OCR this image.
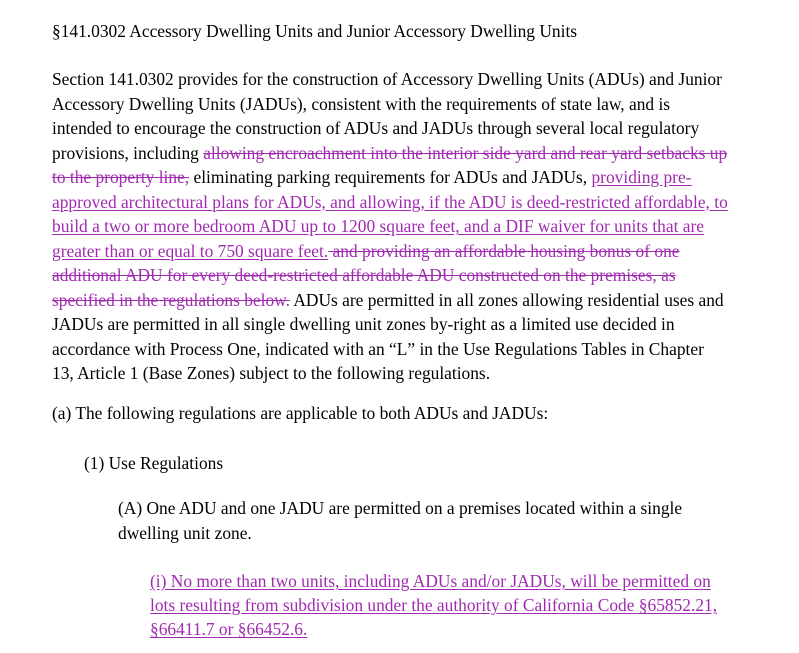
§141.0302 Accessory Dwelling Units and Junior Accessory Dwelling Units

Section 141.0302 provides for the construction of Accessory Dwelling Units (ADUs) and Junior
Accessory Dwelling Units (JADUs), consistent with the requirements of state law, and is
intended to encourage the construction of ADUs and JADUs through several local regulatory
provisions, including allowing encroachment into the interior side yard and rear yard setbacks up
to the property line, eliminating parking requirements for ADUs and JADUs, providing pre-
approved architectural plans for ADUs, and allowing, if the ADU is deed-restricted affordable, to
build a two or more bedroom ADU up to 1200 square feet, and a DIF waiver for units that are
greater than or equal to 750 square feet. and providing an affordable housing bonus of one
additional ADU for every deed-restricted affordable ADU constructed on the premises, as
specified in the regulations below. ADUs are permitted in all zones allowing residential uses and
JADUs are permitted in all single dwelling unit zones by-right as a limited use decided in
accordance with Process One, indicated with an “L” in the Use Regulations Tables in Chapter
13, Article 1 (Base Zones) subject to the following regulations.

(a) The following regulations are applicable to both ADUs and JADUs:

(1) Use Regulations

(A) One ADU and one JADU are permitted on a premises located within a single
dwelling unit zone.

(i) No more than two units, including ADUs and/or JADUs, will be permitted on
lots resulting from subdivision under the authority of California Code §65852.21,
§66411.7 or §66452.6.
